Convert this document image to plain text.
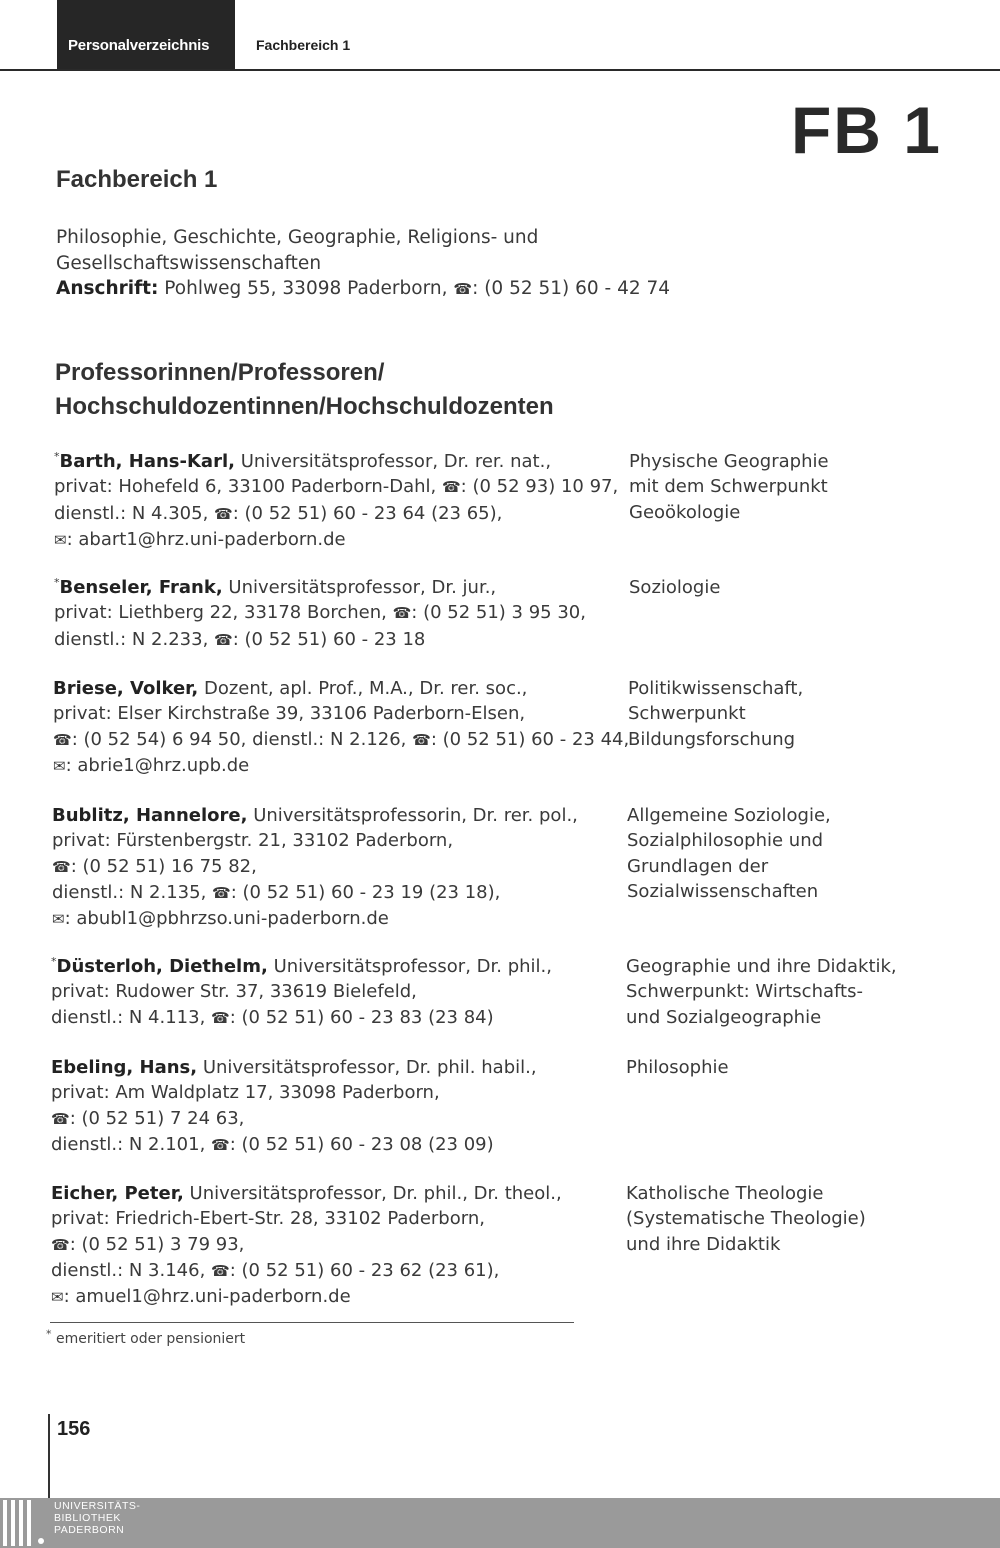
Personalverzeichnis	Fachbereich 1
FB 1
Fachbereich 1
Philosophie, Geschichte, Geographie, Religions- und
Gesellschaftswissenschaften
Anschrift: Pohlweg 55, 33098 Paderborn, ☎: (0 52 51) 60 - 42 74
Professorinnen/Professoren/
Hochschuldozentinnen/Hochschuldozenten
*Barth, Hans-Karl, Universitätsprofessor, Dr. rer. nat.,
privat: Hohefeld 6, 33100 Paderborn-Dahl, ☎: (0 52 93) 10 97,
dienstl.: N 4.305, ☎: (0 52 51) 60 - 23 64 (23 65),
✉: abart1@hrz.uni-paderborn.de
Physische Geographie
mit dem Schwerpunkt
Geoökologie
*Benseler, Frank, Universitätsprofessor, Dr. jur.,
privat: Liethberg 22, 33178 Borchen, ☎: (0 52 51) 3 95 30,
dienstl.: N 2.233, ☎: (0 52 51) 60 - 23 18
Soziologie
Briese, Volker, Dozent, apl. Prof., M.A., Dr. rer. soc.,
privat: Elser Kirchstraße 39, 33106 Paderborn-Elsen,
☎: (0 52 54) 6 94 50, dienstl.: N 2.126, ☎: (0 52 51) 60 - 23 44,
✉: abrie1@hrz.upb.de
Politikwissenschaft,
Schwerpunkt
Bildungsforschung
Bublitz, Hannelore, Universitätsprofessorin, Dr. rer. pol.,
privat: Fürstenbergstr. 21, 33102 Paderborn,
☎: (0 52 51) 16 75 82,
dienstl.: N 2.135, ☎: (0 52 51) 60 - 23 19 (23 18),
✉: abubl1@pbhrzso.uni-paderborn.de
Allgemeine Soziologie,
Sozialphilosophie und
Grundlagen der
Sozialwissenschaften
*Düsterloh, Diethelm, Universitätsprofessor, Dr. phil.,
privat: Rudower Str. 37, 33619 Bielefeld,
dienstl.: N 4.113, ☎: (0 52 51) 60 - 23 83 (23 84)
Geographie und ihre Didaktik,
Schwerpunkt: Wirtschafts-
und Sozialgeographie
Ebeling, Hans, Universitätsprofessor, Dr. phil. habil.,
privat: Am Waldplatz 17, 33098 Paderborn,
☎: (0 52 51) 7 24 63,
dienstl.: N 2.101, ☎: (0 52 51) 60 - 23 08 (23 09)
Philosophie
Eicher, Peter, Universitätsprofessor, Dr. phil., Dr. theol.,
privat: Friedrich-Ebert-Str. 28, 33102 Paderborn,
☎: (0 52 51) 3 79 93,
dienstl.: N 3.146, ☎: (0 52 51) 60 - 23 62 (23 61),
✉: amuel1@hrz.uni-paderborn.de
Katholische Theologie
(Systematische Theologie)
und ihre Didaktik
* emeritiert oder pensioniert
156
UNIVERSITÄTS-
BIBLIOTHEK
PADERBORN
